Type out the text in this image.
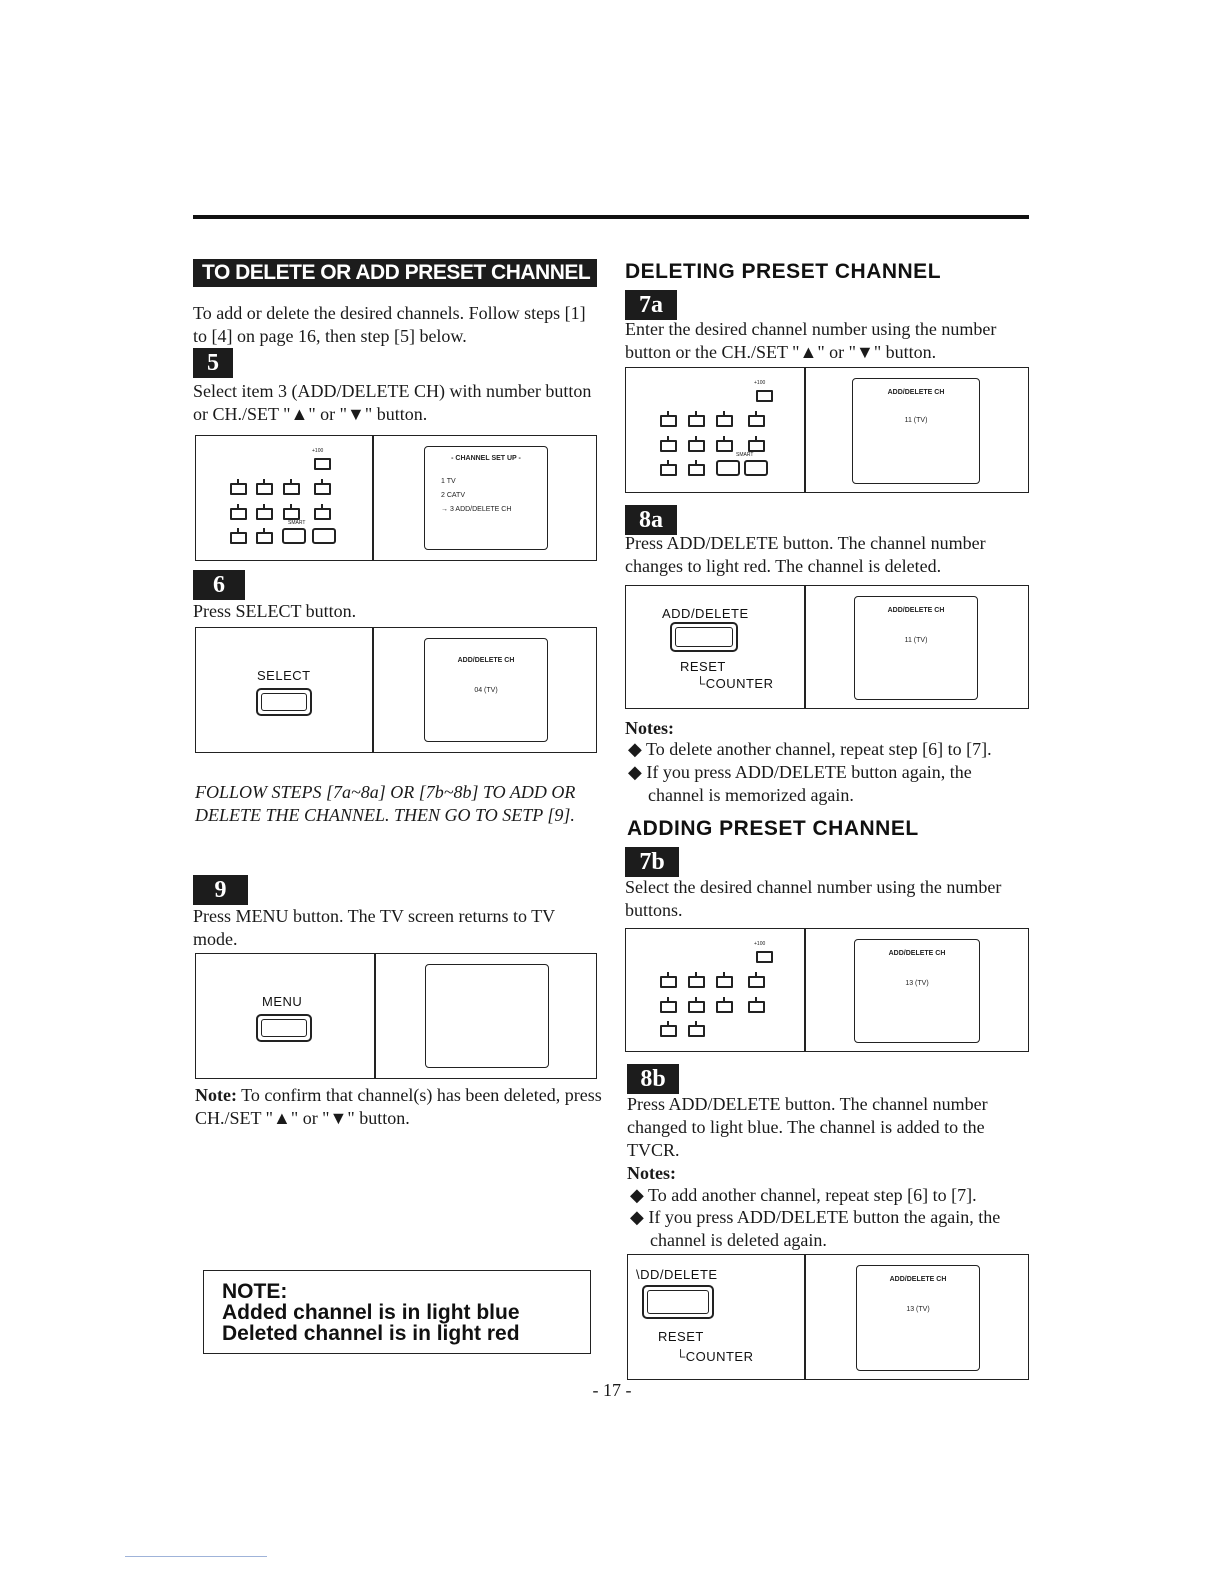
TO DELETE OR ADD PRESET CHANNEL
To add or delete the desired channels. Follow steps [1] to [4] on page 16, then step [5] below.
5
Select item 3 (ADD/DELETE CH) with number button or CH./SET "▲" or "▼" button.
+100
SMART
- CHANNEL SET UP -
1 TV
2 CATV
→ 3 ADD/DELETE CH
6
Press SELECT button.
SELECT
ADD/DELETE CH
04 (TV)
FOLLOW STEPS [7a~8a] OR [7b~8b] TO ADD OR DELETE THE CHANNEL. THEN GO TO SETP [9].
9
Press MENU button. The TV screen returns to TV mode.
MENU
Note: To confirm that channel(s) has been deleted, press CH./SET "▲" or "▼" button.
NOTE:
Added channel is in light blue
Deleted channel is in light red
DELETING PRESET CHANNEL
7a
Enter the desired channel number using the number button or the CH./SET "▲" or "▼" button.
+100
SMART
ADD/DELETE CH
11 (TV)
8a
Press ADD/DELETE button. The channel number changes to light red. The channel is deleted.
ADD/DELETE
RESET
└COUNTER
ADD/DELETE CH
11 (TV)
Notes:
◆ To delete another channel, repeat step [6] to [7].
◆ If you press ADD/DELETE button again, the channel is memorized again.
ADDING PRESET CHANNEL
7b
Select the desired channel number using the number buttons.
+100
ADD/DELETE CH
13 (TV)
8b
Press ADD/DELETE button. The channel number changed to light blue. The channel is added to the TVCR.
Notes:
◆ To add another channel, repeat step [6] to [7].
◆ If you press ADD/DELETE button the again, the channel is deleted again.
\DD/DELETE
RESET
└COUNTER
ADD/DELETE CH
13 (TV)
- 17 -
